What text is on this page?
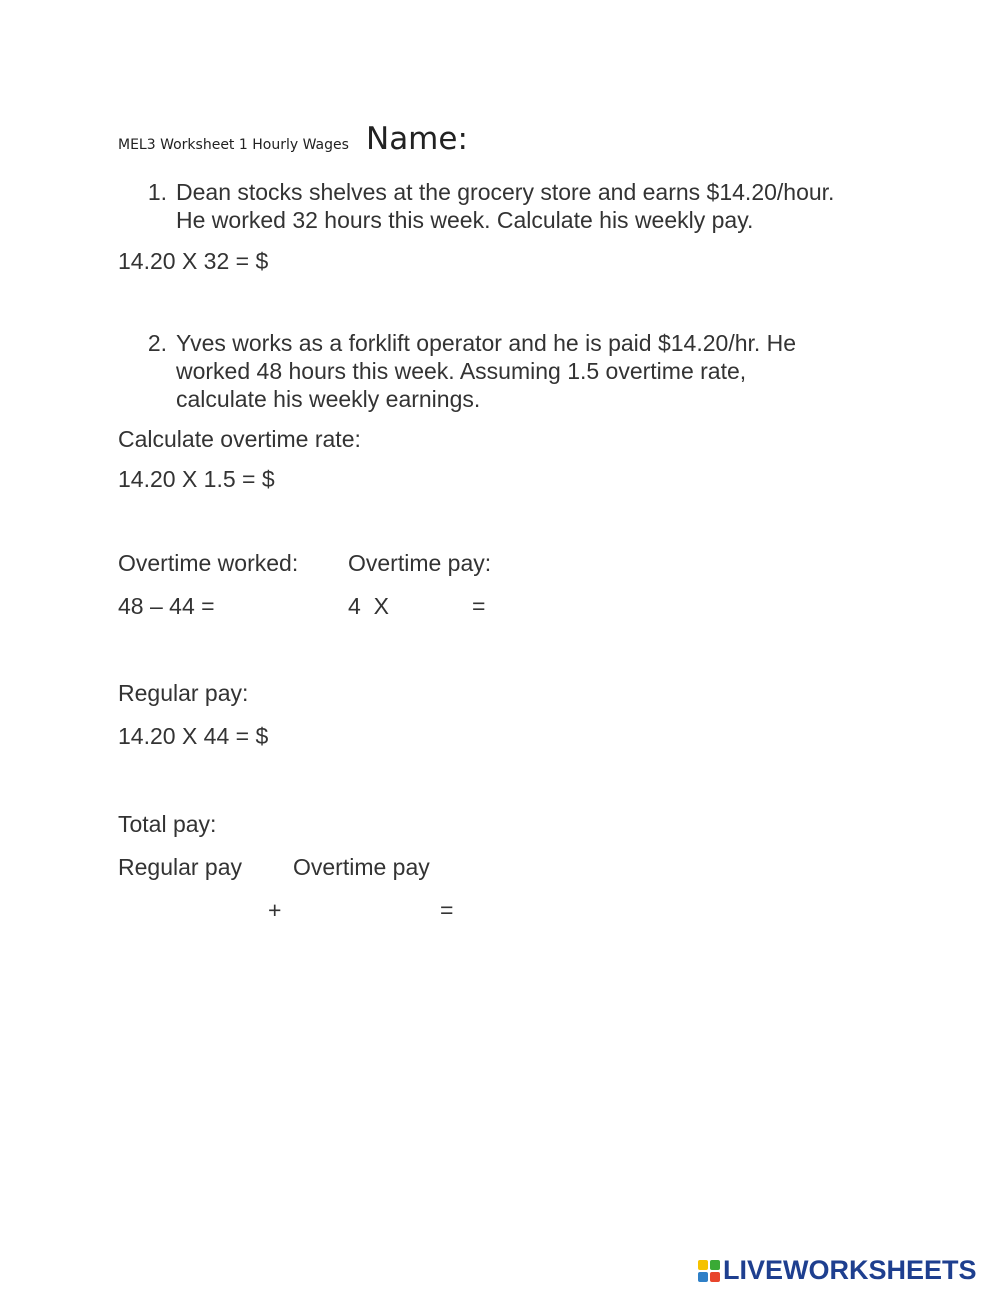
MEL3 Worksheet 1 Hourly Wages Name:
1. Dean stocks shelves at the grocery store and earns $14.20/hour.
He worked 32 hours this week. Calculate his weekly pay.
14.20 X 32 = $
2. Yves works as a forklift operator and he is paid $14.20/hr. He
worked 48 hours this week. Assuming 1.5 overtime rate,
calculate his weekly earnings.
Calculate overtime rate:
14.20 X 1.5 = $
Overtime worked: Overtime pay:
48 – 44 =	4  X	=
Regular pay:
14.20 X 44 = $
Total pay:
Regular pay Overtime pay
+	=
LIVEWORKSHEETS
